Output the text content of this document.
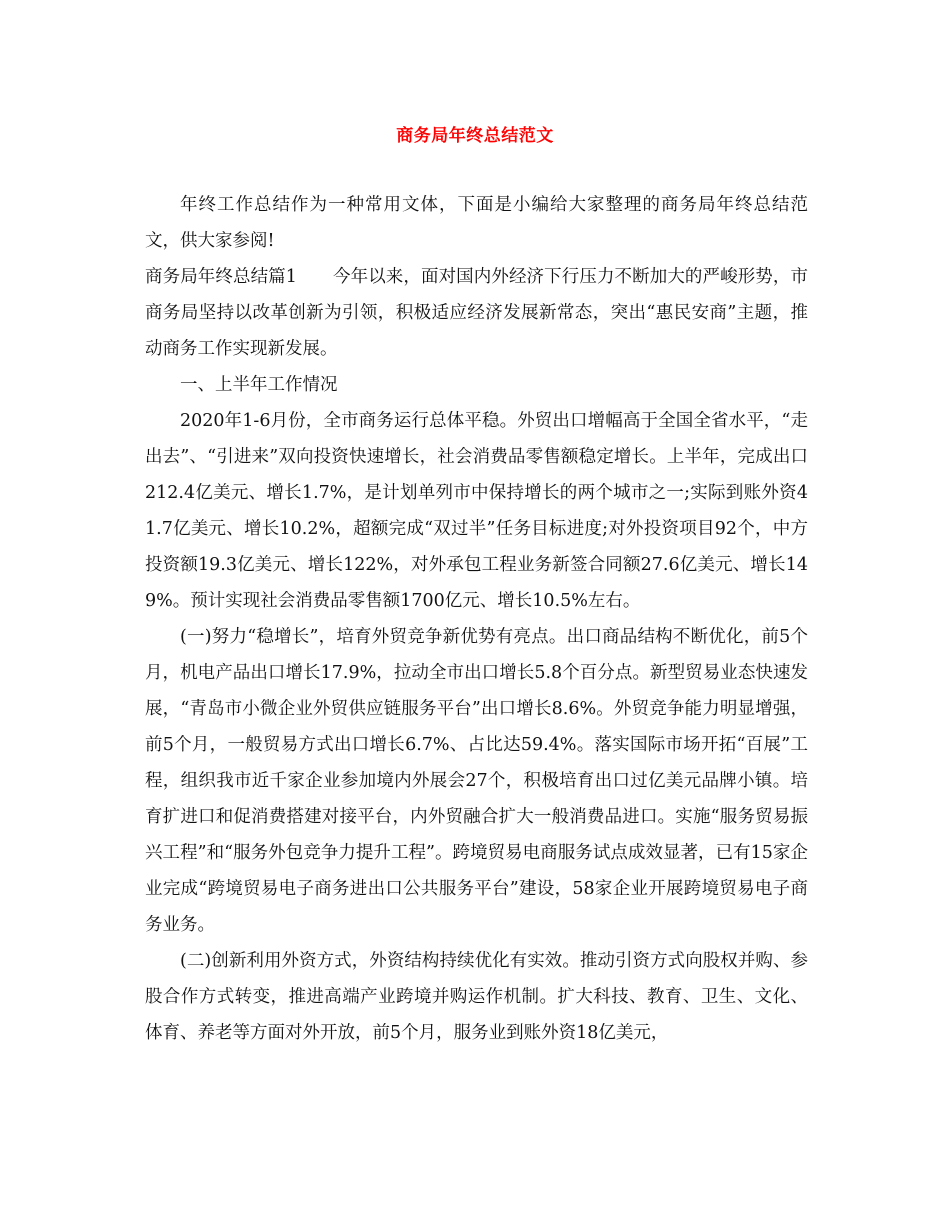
商务局年终总结范文

年终工作总结作为一种常用文体，下面是小编给大家整理的商务局年终总结范文，供大家参阅!

商务局年终总结篇1 今年以来，面对国内外经济下行压力不断加大的严峻形势，市商务局坚持以改革创新为引领，积极适应经济发展新常态，突出“惠民安商”主题，推动商务工作实现新发展。

一、上半年工作情况

2020年1-6月份，全市商务运行总体平稳。外贸出口增幅高于全国全省水平，“走出去”、“引进来”双向投资快速增长，社会消费品零售额稳定增长。上半年，完成出口212.4亿美元、增长1.7%，是计划单列市中保持增长的两个城市之一;实际到账外资41.7亿美元、增长10.2%，超额完成“双过半”任务目标进度;对外投资项目92个，中方投资额19.3亿美元、增长122%，对外承包工程业务新签合同额27.6亿美元、增长149%。预计实现社会消费品零售额1700亿元、增长10.5%左右。

(一)努力“稳增长”，培育外贸竞争新优势有亮点。出口商品结构不断优化，前5个月，机电产品出口增长17.9%，拉动全市出口增长5.8个百分点。新型贸易业态快速发展，“青岛市小微企业外贸供应链服务平台”出口增长8.6%。外贸竞争能力明显增强，前5个月，一般贸易方式出口增长6.7%、占比达59.4%。落实国际市场开拓“百展”工程，组织我市近千家企业参加境内外展会27个，积极培育出口过亿美元品牌小镇。培育扩进口和促消费搭建对接平台，内外贸融合扩大一般消费品进口。实施“服务贸易振兴工程”和“服务外包竞争力提升工程”。跨境贸易电商服务试点成效显著，已有15家企业完成“跨境贸易电子商务进出口公共服务平台”建设，58家企业开展跨境贸易电子商务业务。

(二)创新利用外资方式，外资结构持续优化有实效。推动引资方式向股权并购、参股合作方式转变，推进高端产业跨境并购运作机制。扩大科技、教育、卫生、文化、体育、养老等方面对外开放，前5个月，服务业到账外资18亿美元，
